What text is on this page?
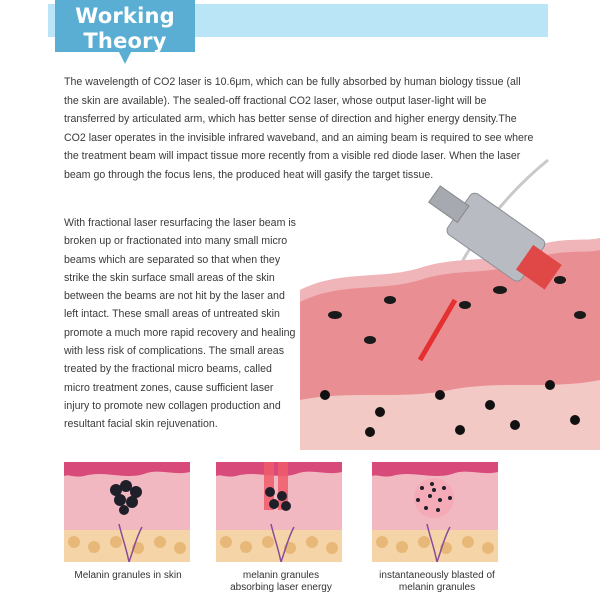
Working
Theory
The wavelength of CO2 laser is 10.6μm, which can be fully absorbed by human biology tissue (all the skin are available). The sealed-off fractional CO2 laser, whose output laser-light will be transferred by articulated arm, which has better sense of direction and higher energy density.The CO2 laser operates in the invisible infrared waveband, and an aiming beam is required to see where the treatment beam will impact tissue more recently from a visible red diode laser. When the laser beam go through the focus lens, the produced heat will gasify the target tissue.
With fractional laser resurfacing the laser beam is broken up or fractionated into many small micro beams which are separated so that when they strike the skin surface small areas of the skin between the beams are not hit by the laser and left intact. These small areas of untreated skin promote a much more rapid recovery and healing with less risk of complications. The small areas treated by the fractional micro beams, called micro treatment zones, cause sufficient laser injury to promote new collagen production and resultant facial skin rejuvenation.
Melanin granules in skin	melanin granules absorbing laser energy
instantaneously blasted of melanin granules
